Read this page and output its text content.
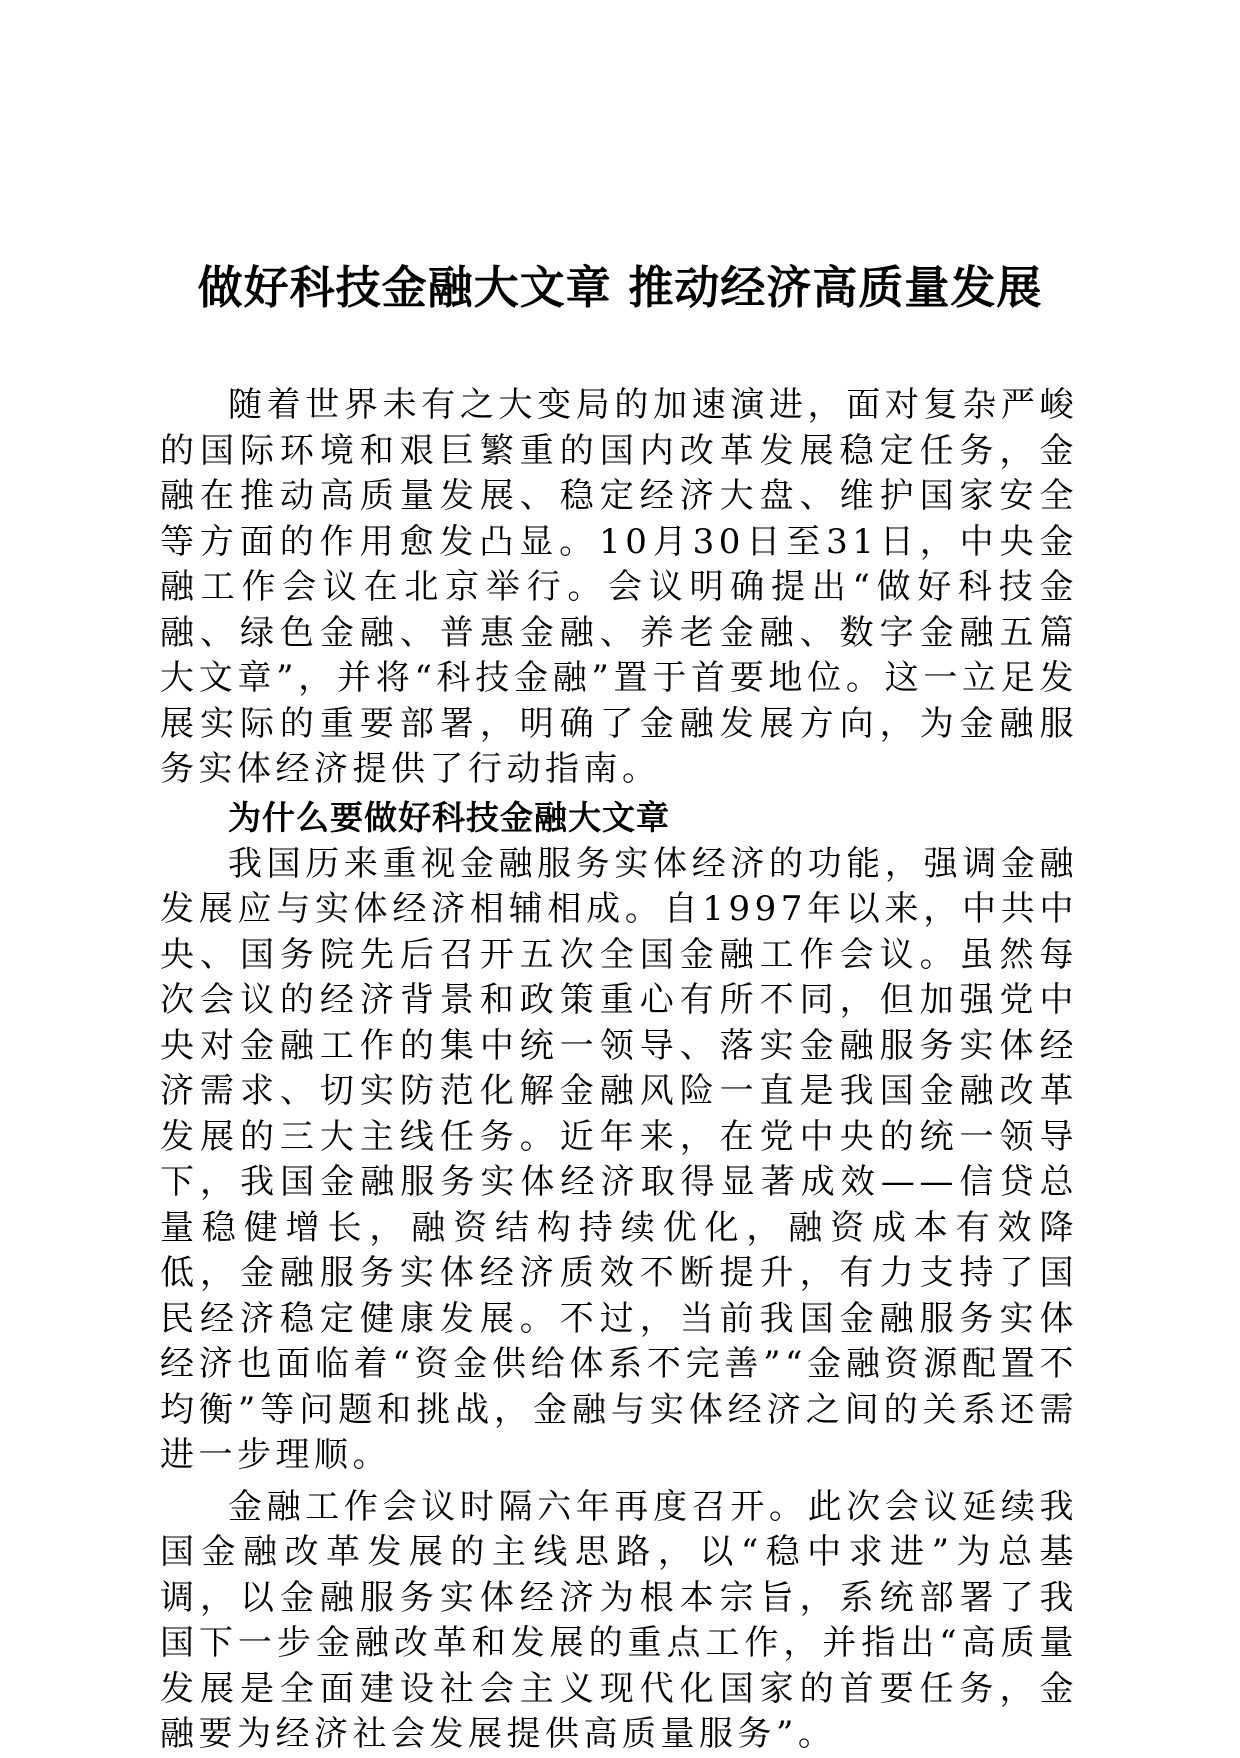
做好科技金融大文章 推动经济高质量发展

随着世界未有之大变局的加速演进，面对复杂严峻的国际环境和艰巨繁重的国内改革发展稳定任务，金融在推动高质量发展、稳定经济大盘、维护国家安全等方面的作用愈发凸显。10月30日至31日，中央金融工作会议在北京举行。会议明确提出“做好科技金融、绿色金融、普惠金融、养老金融、数字金融五篇大文章”，并将“科技金融”置于首要地位。这一立足发展实际的重要部署，明确了金融发展方向，为金融服务实体经济提供了行动指南。

为什么要做好科技金融大文章

我国历来重视金融服务实体经济的功能，强调金融发展应与实体经济相辅相成。自1997年以来，中共中央、国务院先后召开五次全国金融工作会议。虽然每次会议的经济背景和政策重心有所不同，但加强党中央对金融工作的集中统一领导、落实金融服务实体经济需求、切实防范化解金融风险一直是我国金融改革发展的三大主线任务。近年来，在党中央的统一领导下，我国金融服务实体经济取得显著成效——信贷总量稳健增长，融资结构持续优化，融资成本有效降低，金融服务实体经济质效不断提升，有力支持了国民经济稳定健康发展。不过，当前我国金融服务实体经济也面临着“资金供给体系不完善”“金融资源配置不均衡”等问题和挑战，金融与实体经济之间的关系还需进一步理顺。

金融工作会议时隔六年再度召开。此次会议延续我国金融改革发展的主线思路，以“稳中求进”为总基调，以金融服务实体经济为根本宗旨，系统部署了我国下一步金融改革和发展的重点工作，并指出“高质量发展是全面建设社会主义现代化国家的首要任务，金融要为经济社会发展提供高质量服务”。
